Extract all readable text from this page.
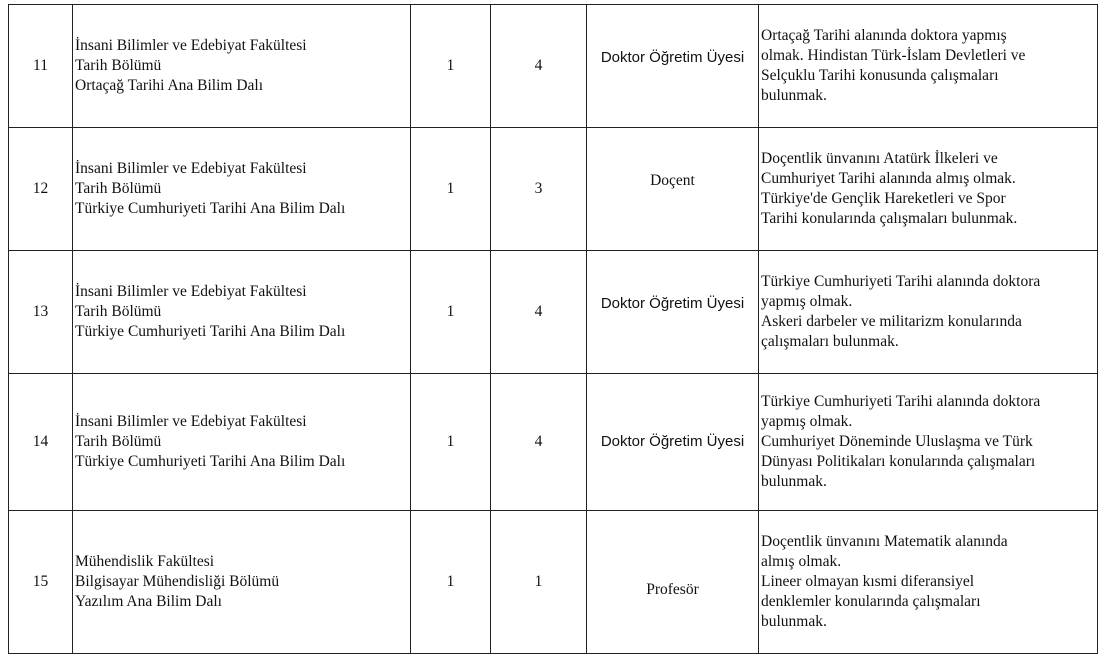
11	İnsani Bilimler ve Edebiyat Fakültesi
Tarih Bölümü
Ortaçağ Tarihi Ana Bilim Dalı	1	4	Doktor Öğretim Üyesi	Ortaçağ Tarihi alanında doktora yapmış
olmak. Hindistan Türk-İslam Devletleri ve
Selçuklu Tarihi konusunda çalışmaları
bulunmak.

12	İnsani Bilimler ve Edebiyat Fakültesi
Tarih Bölümü
Türkiye Cumhuriyeti Tarihi Ana Bilim Dalı	1	3	Doçent	Doçentlik ünvanını Atatürk İlkeleri ve
Cumhuriyet Tarihi alanında almış olmak.
Türkiye'de Gençlik Hareketleri ve Spor
Tarihi konularında çalışmaları bulunmak.

13	İnsani Bilimler ve Edebiyat Fakültesi
Tarih Bölümü
Türkiye Cumhuriyeti Tarihi Ana Bilim Dalı	1	4	Doktor Öğretim Üyesi	Türkiye Cumhuriyeti Tarihi alanında doktora
yapmış olmak.
Askeri darbeler ve militarizm konularında
çalışmaları bulunmak.

14	İnsani Bilimler ve Edebiyat Fakültesi
Tarih Bölümü
Türkiye Cumhuriyeti Tarihi Ana Bilim Dalı	1	4	Doktor Öğretim Üyesi	Türkiye Cumhuriyeti Tarihi alanında doktora
yapmış olmak.
Cumhuriyet Döneminde Uluslaşma ve Türk
Dünyası Politikaları konularında çalışmaları
bulunmak.

15	Mühendislik Fakültesi
Bilgisayar Mühendisliği Bölümü
Yazılım Ana Bilim Dalı	1	1	Profesör	Doçentlik ünvanını Matematik alanında
almış olmak.
Lineer olmayan kısmi diferansiyel
denklemler konularında çalışmaları
bulunmak.
